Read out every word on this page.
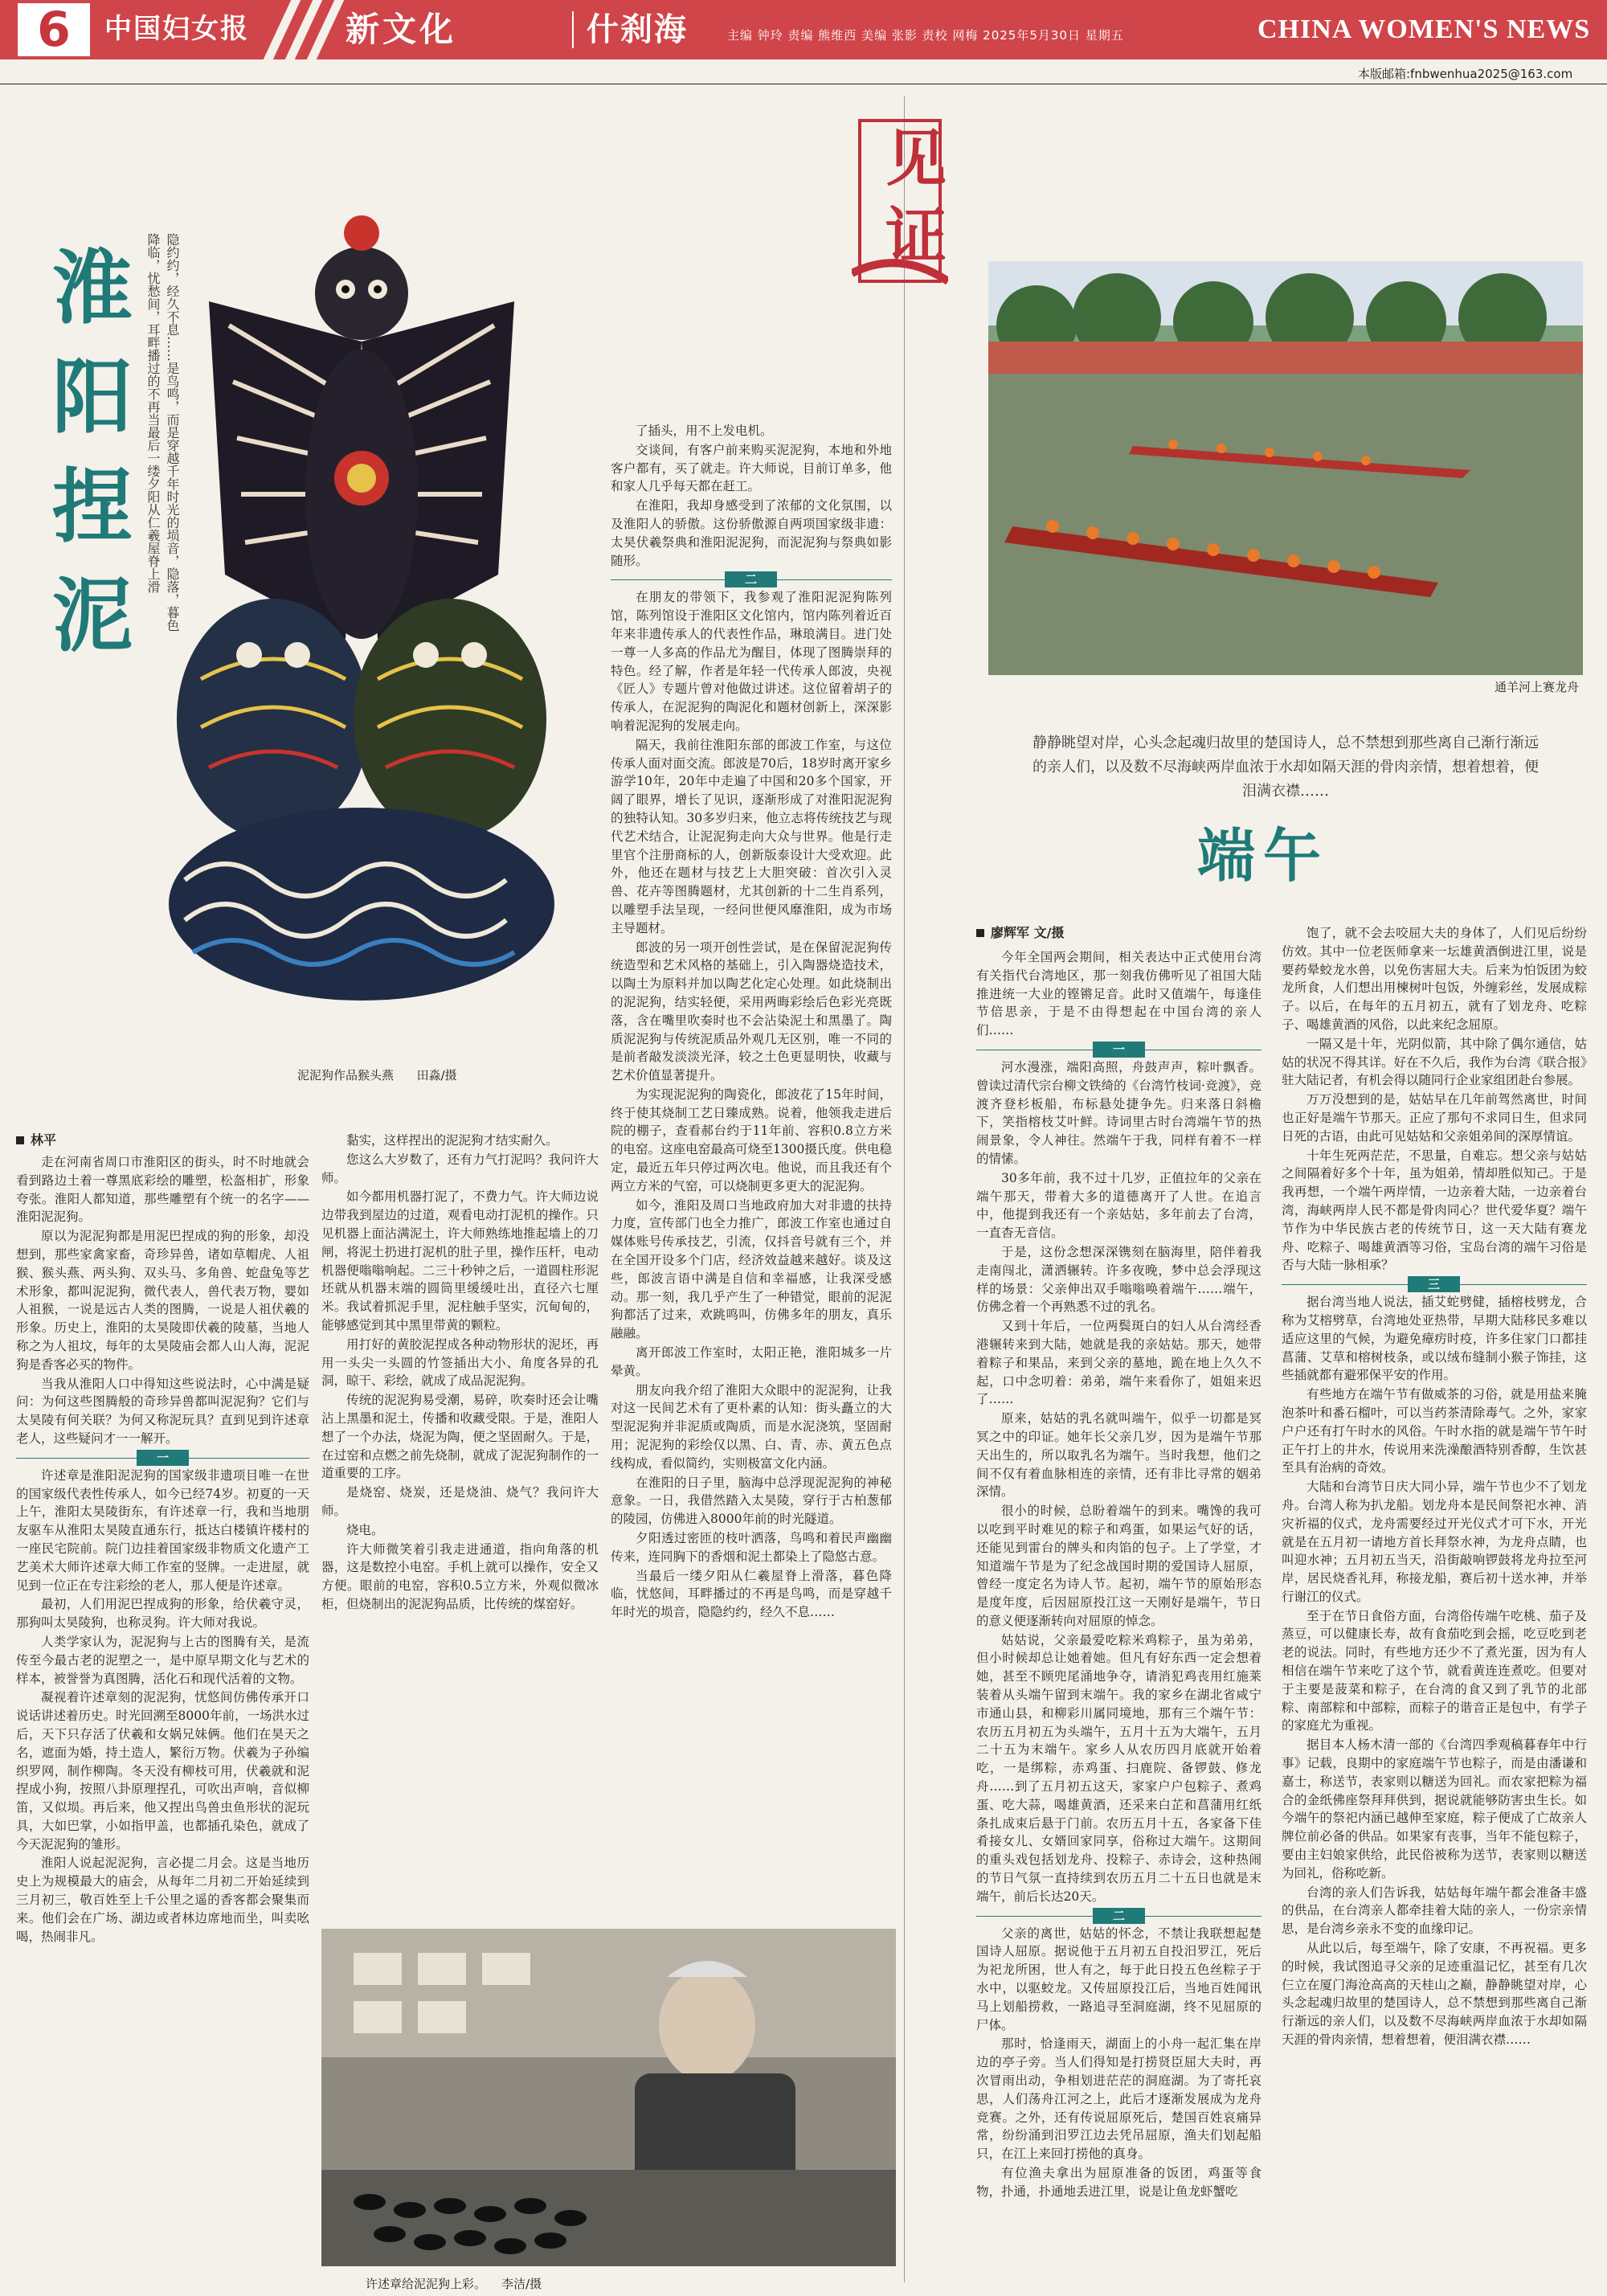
6	中国妇女报	新文化	什刹海	主编 钟玲 责编 熊维西 美编 张影 责校 网梅 2025年5月30日 星期五	CHINA WOMEN'S NEWS
本版邮箱:fnbwenhua2025@163.com
泥泥狗作品猴头燕 田淼/摄
淮阳捏泥	隐约约，经久不息……是鸟鸣，而是穿越千年时光的埙音，隐落，暮色降临，忧愁间，耳畔播过的不再当最后一缕夕阳从仁羲屋脊上滑
林平

走在河南省周口市淮阳区的街头，时不时地就会看到路边土着一尊黑底彩绘的雕塑，松盔相扩，形象夸张。淮阳人都知道，那些雕塑有个统一的名字——淮阳泥泥狗。

原以为泥泥狗都是用泥巴捏成的狗的形象，却没想到，那些家禽家畜，奇珍异兽，诸如草帽虎、人祖猴、猴头燕、两头狗、双头马、多角兽、蛇盘兔等艺术形象，都叫泥泥狗，微代表人，兽代表万物，婴如人祖猴，一说是远古人类的图腾，一说是人祖伏羲的形象。历史上，淮阳的太昊陵即伏羲的陵墓，当地人称之为人祖坟，每年的太昊陵庙会都人山人海，泥泥狗是香客必买的物件。

当我从淮阳人口中得知这些说法时，心中满是疑问：为何这些图腾般的奇珍异兽都叫泥泥狗？它们与太昊陵有何关联？为何又称泥玩具？直到见到许述章老人，这些疑问才一一解开。

一

许述章是淮阳泥泥狗的国家级非遗项目唯一在世的国家级代表性传承人，如今已经74岁。初夏的一天上午，淮阳太昊陵街东，有许述章一行，我和当地朋友驱车从淮阳太昊陵直通东行，抵达白楼镇许楼村的一座民宅院前。院门边挂着国家级非物质文化遗产工艺美术大师许述章大师工作室的竖牌。一走进屋，就见到一位正在专注彩绘的老人，那人便是许述章。

最初，人们用泥巴捏成狗的形象，给伏羲守灵，那狗叫太昊陵狗，也称灵狗。许大师对我说。

人类学家认为，泥泥狗与上古的图腾有关，是流传至今最古老的泥塑之一，是中原早期文化与艺术的样本，被誉誉为真图腾，活化石和现代活着的文物。

凝视着许述章刻的泥泥狗，忧悠间仿佛传承开口说话讲述着历史。时光回溯至8000年前，一场洪水过后，天下只存活了伏羲和女娲兄妹俩。他们在昊天之名，遮面为婚，持土造人，繁衍万物。伏羲为子孙编织罗网，制作柳陶。冬天没有柳枝可用，伏羲就和泥捏成小狗，按照八卦原理捏孔，可吹出声响，音似柳笛，又似埙。再后来，他又捏出鸟兽虫鱼形状的泥玩具，大如巴掌，小如指甲盖，也都插孔染色，就成了今天泥泥狗的雏形。

淮阳人说起泥泥狗，言必提二月会。这是当地历史上为规模最大的庙会，从每年二月初二开始延续到三月初三，敬百姓至上千公里之遥的香客都会聚集而来。他们会在广场、湖边或者林边席地而坐，叫卖吆喝，热闹非凡。

黏实，这样捏出的泥泥狗才结实耐久。

您这么大岁数了，还有力气打泥吗？我问许大师。

如今都用机器打泥了，不费力气。许大师边说边带我到屋边的过道，观看电动打泥机的操作。只见机器上面沾满泥土，许大师熟练地推起墙上的刀闸，将泥土扔进打泥机的肚子里，操作压杆，电动机器便嗡嗡响起。二三十秒钟之后，一道圆柱形泥坯就从机器末端的圆筒里缓缓吐出，直径六七厘米。我试着抓泥手里，泥柱触手坚实，沉甸甸的，能够感觉到其中黑里带黄的颗粒。

用打好的黄胶泥捏成各种动物形状的泥坯，再用一头尖一头圆的竹签插出大小、角度各异的孔洞，晾干、彩绘，就成了成品泥泥狗。

传统的泥泥狗易受潮，易碎，吹奏时还会让嘴沾上黑墨和泥土，传播和收藏受限。于是，淮阳人想了一个办法，烧泥为陶，便之坚固耐久。于是，在过窑和点燃之前先烧制，就成了泥泥狗制作的一道重要的工序。

是烧窑、烧炭，还是烧油、烧气？我问许大师。

烧电。

许大师微笑着引我走进通道，指向角落的机器，这是数控小电窑。手机上就可以操作，安全又方便。眼前的电窑，容积0.5立方米，外观似微冰柜，但烧制出的泥泥狗品质，比传统的煤窑好。

了插头，用不上发电机。

交谈间，有客户前来购买泥泥狗，本地和外地客户都有，买了就走。许大师说，目前订单多，他和家人几乎每天都在赶工。

在淮阳，我却身感受到了浓郁的文化氛围，以及淮阳人的骄傲。这份骄傲源自两项国家级非遗：太昊伏羲祭典和淮阳泥泥狗，而泥泥狗与祭典如影随形。

二

在朋友的带领下，我参观了淮阳泥泥狗陈列馆，陈列馆设于淮阳区文化馆内，馆内陈列着近百年来非遗传承人的代表性作品，琳琅满目。进门处一尊一人多高的作品尤为醒目，体现了图腾崇拜的特色。经了解，作者是年轻一代传承人郎波，央视《匠人》专题片曾对他做过讲述。这位留着胡子的传承人，在泥泥狗的陶泥化和题材创新上，深深影响着泥泥狗的发展走向。

隔天，我前往淮阳东部的郎波工作室，与这位传承人面对面交流。郎波是70后，18岁时离开家乡游学10年，20年中走遍了中国和20多个国家，开阔了眼界，增长了见识，逐渐形成了对淮阳泥泥狗的独特认知。30多岁归来，他立志将传统技艺与现代艺术结合，让泥泥狗走向大众与世界。他是行走里官个注册商标的人，创新版泰设计大受欢迎。此外，他还在题材与技艺上大胆突破：首次引入灵兽、花卉等图腾题材，尤其创新的十二生肖系列，以雕塑手法呈现，一经问世便风靡淮阳，成为市场主导题材。

郎波的另一项开创性尝试，是在保留泥泥狗传统造型和艺术风格的基础上，引入陶器烧造技术，以陶土为原料并加以陶艺化定心处理。如此烧制出的泥泥狗，结实轻便，采用两晦彩绘后色彩光亮既落，含在嘴里吹奏时也不会沾染泥土和黑墨了。陶质泥泥狗与传统泥质品外观几无区别，唯一不同的是前者敲发淡淡光泽，较之土色更显明快，收藏与艺术价值显著提升。

为实现泥泥狗的陶瓷化，郎波花了15年时间，终于使其烧制工艺日臻成熟。说着，他领我走进后院的棚子，查看郝台约于11年前、容积0.8立方米的电窑。这座电窑最高可烧至1300摄氏度。供电稳定，最近五年只停过两次电。他说，而且我还有个两立方米的气窑，可以烧制更多更大的泥泥狗。

如今，淮阳及周口当地政府加大对非遗的扶持力度，宣传部门也全力推广，郎波工作室也通过自媒体账号传承技艺，引流，仅抖音号就有三个，并在全国开设多个门店，经济效益越来越好。谈及这些，郎波言语中满是自信和幸福感，让我深受感动。那一刻，我几乎产生了一种错觉，眼前的泥泥狗都活了过来，欢跳鸣叫，仿佛多年的朋友，真乐融融。

离开郎波工作室时，太阳正艳，淮阳城多一片晕黄。

朋友向我介绍了淮阳大众眼中的泥泥狗，让我对这一民间艺术有了更朴素的认知：街头矗立的大型泥泥狗并非泥质或陶质，而是水泥浇筑，坚固耐用；泥泥狗的彩绘仅以黑、白、青、赤、黄五色点线构成，看似简约，实则极富文化内涵。

在淮阳的日子里，脑海中总浮现泥泥狗的神秘意象。一日，我借然踏入太昊陵，穿行于古柏葱郁的陵园，仿佛进入8000年前的时光隧道。

夕阳透过密匝的枝叶洒落，鸟鸣和着民声幽幽传来，连同胸下的香烟和泥土都染上了隐悠古意。

当最后一缕夕阳从仁羲屋脊上滑落，暮色降临，忧悠间，耳畔播过的不再是鸟鸣，而是穿越千年时光的埙音，隐隐约约，经久不息……

许述章给泥泥狗上彩。 李洁/摄
见证
通羊河上赛龙舟
静静眺望对岸，心头念起魂归故里的楚国诗人，总不禁想到那些离自己渐行渐远的亲人们，以及数不尽海峡两岸血浓于水却如隔天涯的骨肉亲情，想着想着，便泪满衣襟……
端午
廖辉军 文/摄

今年全国两会期间，相关表达中正式使用台湾有关指代台湾地区，那一刻我仿佛听见了祖国大陆推进统一大业的铿锵足音。此时又值端午，每逢佳节倍思亲，于是不由得想起在中国台湾的亲人们……

一

河水漫涨，端阳高照，舟鼓声声，粽叶飘香。曾读过清代宗台柳文铁绮的《台湾竹枝词·竞渡》，竞渡齐登杉板船，布标悬处捷争先。归来落日斜檐下，笑指榕枝艾叶鲜。诗词里古时台湾端午节的热闹景象，令人神往。然端午于我，同样有着不一样的情愫。

30多年前，我不过十几岁，正值拉年的父亲在端午那天，带着大多的道德离开了人世。在追言中，他提到我还有一个亲姑姑，多年前去了台湾，一直杳无音信。

于是，这份念想深深镌刻在脑海里，陪伴着我走南闯北，潇洒辗转。许多夜晚，梦中总会浮现这样的场景：父亲伸出双手嗡嗡唤着端午……端午，仿佛念着一个再熟悉不过的乳名。

又到十年后，一位两鬓斑白的妇人从台湾经香港辗转来到大陆，她就是我的亲姑姑。那天，她带着粽子和果品，来到父亲的墓地，跪在地上久久不起，口中念叨着：弟弟，端午来看你了，姐姐来迟了……

原来，姑姑的乳名就叫端午，似乎一切都是冥冥之中的印证。她年长父亲几岁，因为是端午节那天出生的，所以取乳名为端午。当时我想，他们之间不仅有着血脉相连的亲情，还有非比寻常的姻弟深情。

很小的时候，总盼着端午的到来。嘴馋的我可以吃到平时难见的粽子和鸡蛋，如果运气好的话，还能见到雷台的牌头和肉馅的包子。上了学堂，才知道端午节是为了纪念战国时期的爱国诗人屈原，曾经一度定名为诗人节。起初，端午节的原始形态是度年度，后因屈原投江这一天刚好是端午，节日的意义便逐渐转向对屈原的悼念。

姑姑说，父亲最爱吃粽米鸡粽子，虽为弟弟，但小时候却总让她着她。但凡有好东西一定会想着她，甚至不顾兜尾涌地争夺，请消犯鸡丧用红施莱装着从头端午留到末端午。我的家乡在湖北省咸宁市通山县，和柳彩川属同境地，那有三个端午节：农历五月初五为头端午，五月十五为大端午，五月二十五为末端午。家乡人从农历四月底就开始着吃，一是绑粽，赤鸡蛋、扫鹿院、备锣鼓、修龙舟……到了五月初五这天，家家户户包粽子、煮鸡蛋、吃大蒜，喝雄黄酒，还采来白芷和菖蒲用红纸条扎成束后悬于门前。农历五月十五，各家备下佳肴接女儿、女婿回家同享，俗称过大端午。这期间的重头戏包括划龙舟、投粽子、赤诗会，这种热闹的节日气氛一直持续到农历五月二十五日也就是末端午，前后长达20天。

二

父亲的离世，姑姑的怀念，不禁让我联想起楚国诗人屈原。据说他于五月初五自投汨罗江，死后为祀龙所困，世人有之，每于此日投五色丝粽子于水中，以驱蛟龙。又传屈原投江后，当地百姓闻讯马上划船捞救，一路追寻至洞庭湖，终不见屈原的尸体。

那时，恰逢雨天，湖面上的小舟一起汇集在岸边的亭子旁。当人们得知是打捞贤臣屈大夫时，再次冒雨出动，争相划进茫茫的洞庭湖。为了寄托哀思，人们荡舟江河之上，此后才逐渐发展成为龙舟竞赛。之外，还有传说屈原死后，楚国百姓哀痛异常，纷纷涌到汨罗江边去凭吊屈原，渔夫们划起船只，在江上来回打捞他的真身。

有位渔夫拿出为屈原准备的饭团，鸡蛋等食物，扑通，扑通地丢进江里，说是让鱼龙虾蟹吃

饱了，就不会去咬屈大夫的身体了，人们见后纷纷仿效。其中一位老医师拿来一坛雄黄酒倒进江里，说是要药晕蛟龙水兽，以免伤害屈大夫。后来为怕饭团为蛟龙所食，人们想出用楝树叶包饭，外缠彩丝，发展成粽子。以后，在每年的五月初五，就有了划龙舟、吃粽子、喝雄黄酒的风俗，以此来纪念屈原。

一隔又是十年，光阴似箭，其中除了偶尔通信，姑姑的状况不得其详。好在不久后，我作为台湾《联合报》驻大陆记者，有机会得以随同行企业家组团赴台参展。

万万没想到的是，姑姑早在几年前驾然离世，时间也正好是端午节那天。正应了那句不求同日生，但求同日死的古语，由此可见姑姑和父亲姐弟间的深厚情谊。

十年生死两茫茫，不思量，自难忘。想父亲与姑姑之间隔着好多个十年，虽为姐弟，情却胜似知己。于是我再想，一个端午两岸情，一边亲着大陆，一边亲着台湾，海峡两岸人民不都是骨肉同心？世代爱华夏？端午节作为中华民族古老的传统节日，这一天大陆有赛龙舟、吃粽子、喝雄黄酒等习俗，宝岛台湾的端午习俗是否与大陆一脉相承？

三

据台湾当地人说法，插艾蛇劈健，插榕枝劈龙，合称为艾榕劈草，台湾地处亚热带，早期大陆移民多难以适应这里的气候，为避免瘴疠时疫，许多住家门口都挂菖蒲、艾草和榕树枝条，或以绒布缝制小猴子饰挂，这些插就都有避邪保平安的作用。

有些地方在端午节有做威茶的习俗，就是用盐来腌泡茶叶和番石榴叶，可以当药茶清除毒气。之外，家家户户还有打午时水的风俗。午时水指的就是端午节午时正午打上的井水，传说用来洗澡酿酒特别香醇，生饮甚至具有治病的奇效。

大陆和台湾节日庆大同小异，端午节也少不了划龙舟。台湾人称为扒龙船。划龙舟本是民间祭祀水神、消灾祈福的仪式，龙舟需要经过开光仪式才可下水，开光就是在五月初一请地方首长拜祭水神，为龙舟点睛，也叫迎水神；五月初五当天，沿街敲响锣鼓将龙舟拉至河岸，居民烧香礼拜，称接龙船，赛后初十送水神，并举行谢江的仪式。

至于在节日食俗方面，台湾俗传端午吃桃、茄子及蒸豆，可以健康长寿，故有食茄吃到会摇，吃豆吃到老老的说法。同时，有些地方还少不了煮光蛋，因为有人相信在端午节来吃了这个节，就看黄连连煮吃。但要对于主要是菠菜和粽子，在台湾的食又到了乳节的北部粽、南部粽和中部粽，而粽子的谐音正是包中，有学子的家庭尤为重视。

据目本人杨木清一部的《台湾四季观稿暮春年中行事》记载，良期中的家庭端午节也粽子，而是由潘谦和嘉士，称送节，表家则以糖送为回礼。而农家把粽为福合的金纸佛座祭拜拜供到，据说就能够防害虫生长。如今端午的祭祀内涵已越伸至家庭，粽子便成了亡故亲人牌位前必备的供品。如果家有丧事，当年不能包粽子，要由主妇娘家供给，此民俗被称为送节，表家则以糖送为回礼，俗称吃新。

台湾的亲人们告诉我，姑姑每年端午都会准备丰盛的供品，在台湾亲人都牵挂着大陆的亲人，一份宗亲情思，是台湾乡亲永不变的血缘印记。

从此以后，每至端午，除了安康，不再祝福。更多的时候，我试图追寻父亲的足迹重温记忆，甚至有几次仨立在厦门海沧高高的天桂山之巅，静静眺望对岸，心头念起魂归故里的楚国诗人，总不禁想到那些离自己渐行渐远的亲人们，以及数不尽海峡两岸血浓于水却如隔天涯的骨肉亲情，想着想着，便泪满衣襟……
